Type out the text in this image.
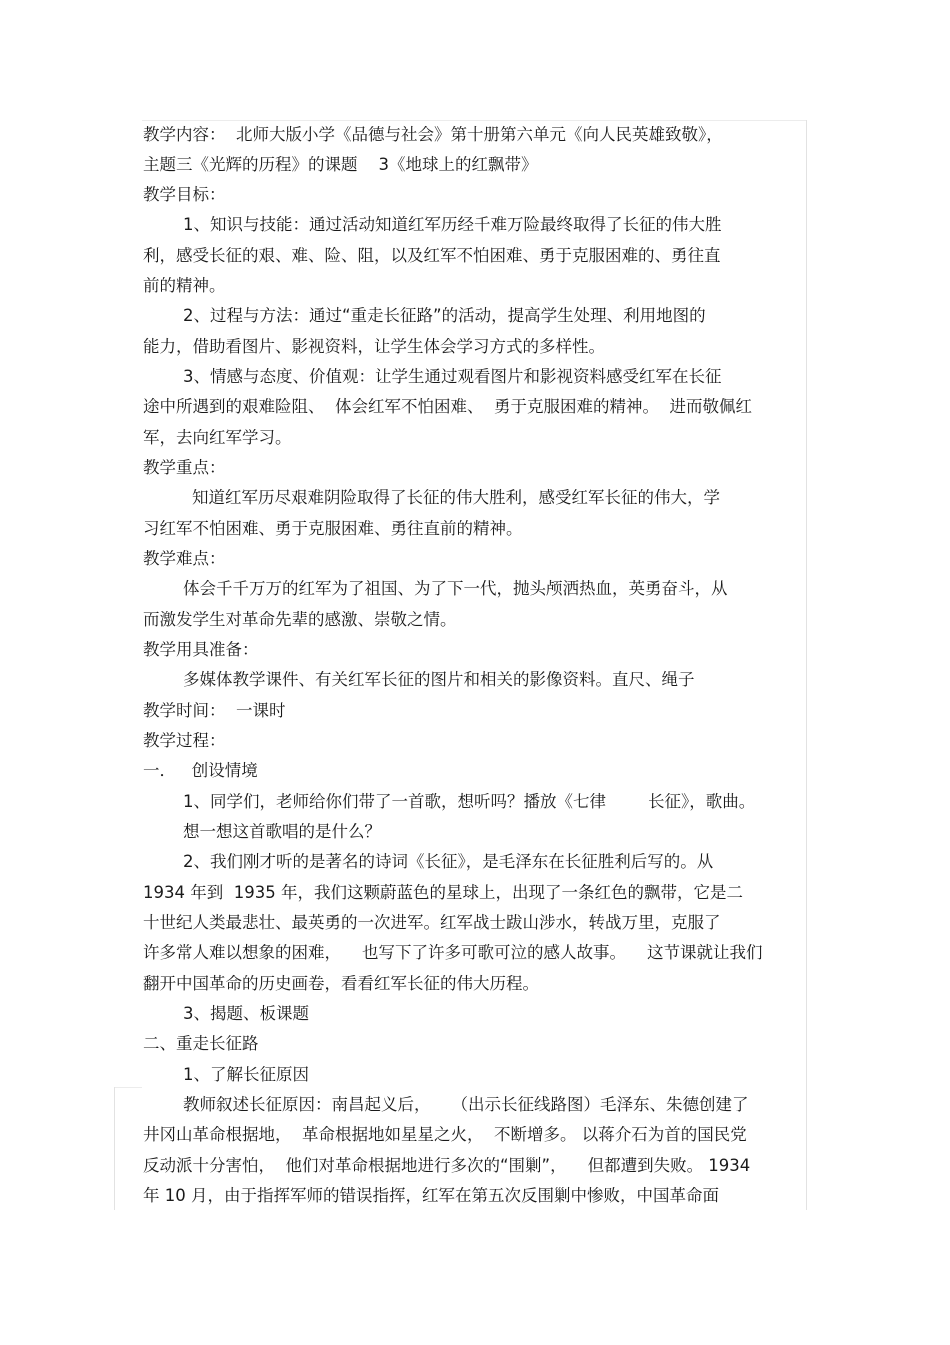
教学内容：  北师大版小学《品德与社会》第十册第六单元《向人民英雄致敬》，
主题三《光辉的历程》的课题    3《地球上的红飘带》
教学目标：
1、知识与技能：通过活动知道红军历经千难万险最终取得了长征的伟大胜
利，感受长征的艰、难、险、阻，以及红军不怕困难、勇于克服困难的、勇往直
前的精神。
2、过程与方法：通过“重走长征路”的活动，提高学生处理、利用地图的
能力，借助看图片、影视资料，让学生体会学习方式的多样性。
3、情感与态度、价值观：让学生通过观看图片和影视资料感受红军在长征
途中所遇到的艰难险阻、  体会红军不怕困难、  勇于克服困难的精神。  进而敬佩红
军，去向红军学习。
教学重点：
知道红军历尽艰难阴险取得了长征的伟大胜利，感受红军长征的伟大，学
习红军不怕困难、勇于克服困难、勇往直前的精神。
教学难点：
体会千千万万的红军为了祖国、为了下一代，抛头颅洒热血，英勇奋斗，从
而激发学生对革命先辈的感激、崇敬之情。
教学用具准备：
多媒体教学课件、有关红军长征的图片和相关的影像资料。直尺、绳子
教学时间：  一课时
教学过程：
一．   创设情境
1、同学们，老师给你们带了一首歌，想听吗？播放《七律        长征》，歌曲。
想一想这首歌唱的是什么？
2、我们刚才听的是著名的诗词《长征》，是毛泽东在长征胜利后写的。从
1934 年到  1935 年，我们这颗蔚蓝色的星球上，出现了一条红色的飘带，它是二
十世纪人类最悲壮、最英勇的一次进军。红军战士跋山涉水，转战万里，克服了
许多常人难以想象的困难，    也写下了许多可歌可泣的感人故事。    这节课就让我们
翻开中国革命的历史画卷，看看红军长征的伟大历程。
3、揭题、板课题
二、重走长征路
1、了解长征原因
教师叙述长征原因：南昌起义后，    （出示长征线路图）毛泽东、朱德创建了
井冈山革命根据地，  革命根据地如星星之火，  不断增多。 以蒋介石为首的国民党
反动派十分害怕，  他们对革命根据地进行多次的“围剿”，    但都遭到失败。 1934
年 10 月，由于指挥军师的错误指挥，红军在第五次反围剿中惨败，中国革命面
